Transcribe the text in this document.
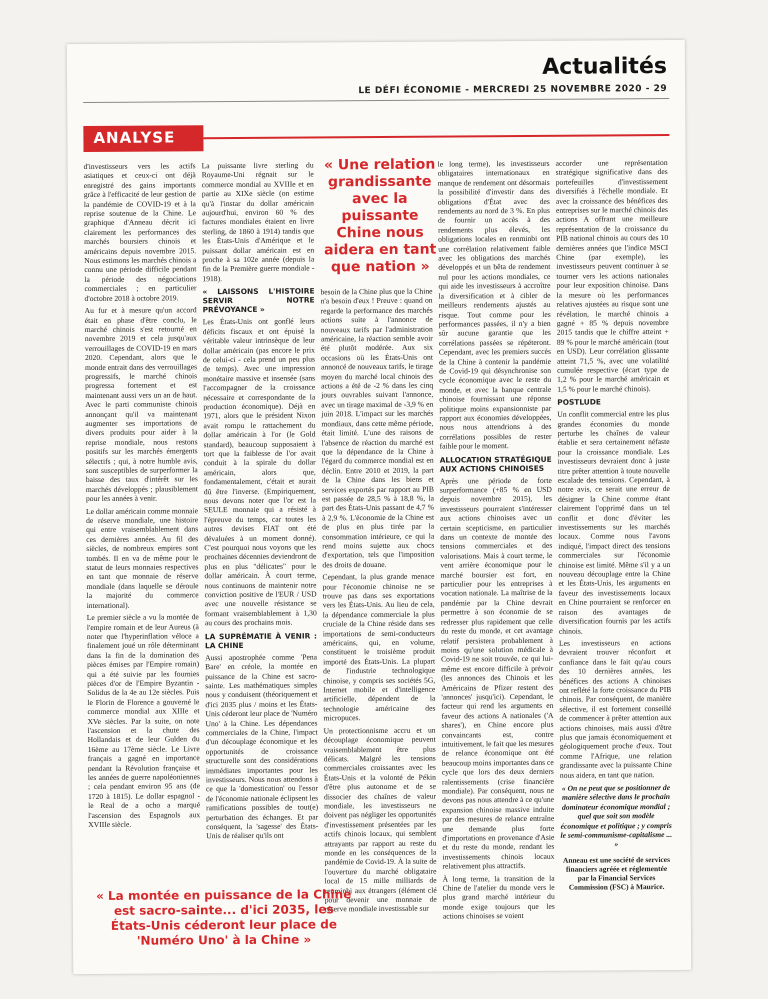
Actualités
LE DÉFI ÉCONOMIE - MERCREDI 25 NOVEMBRE 2020 - 29
ANALYSE

d'investisseurs vers les actifs asiatiques et ceux-ci ont déjà enregistré des gains importants grâce à l'efficacité de leur gestion de la pandémie de COVID-19 et à la reprise soutenue de la Chine. Le graphique d'Anneau décrit ici clairement les performances des marchés boursiers chinois et américains depuis novembre 2015. Nous estimons les marchés chinois a connu une période difficile pendant la période des négociations commerciales ; en particulier d'octobre 2018 à octobre 2019.

Au fur et à mesure qu'un accord était en phase d'être conclu, le marché chinois s'est retourné en novembre 2019 et cela jusqu'aux verrouillages de COVID-19 en mars 2020. Cependant, alors que le monde entrait dans des verrouillages progressifs, le marché chinois progressa fortement et est maintenant aussi vers un an de haut. Avec le parti communiste chinois annonçant qu'il va maintenant augmenter ses importations de divers produits pour aider à la reprise mondiale, nous restons positifs sur les marchés émergents sélectifs ; qui, à notre humble avis, sont susceptibles de surperformer la baisse des taux d'intérêt sur les marchés développés ; plausiblement pour les années à venir.

Le dollar américain comme monnaie de réserve mondiale, une histoire qui entre vraisemblablement dans ces dernières années. Au fil des siècles, de nombreux empires sont tombés. Il en va de même pour le statut de leurs monnaies respectives en tant que monnaie de réserve mondiale (dans laquelle se déroule la majorité du commerce international).

Le premier siècle a vu la montée de l'empire romain et de leur Aureus (à noter que l'hyperinflation véloce a finalement joué un rôle déterminant dans la fin de la domination des pièces émises par l'Empire romain) qui a été suivie par les fournies pièces d'or de l'Empire Byzantin - Solidus de la 4e au 12e siècles. Puis le Florin de Florence a gouverné le commerce mondial aux XIIIe et XVe siècles. Par la suite, on note l'ascension et la chute des Hollandais et de leur Gulden du 16ème au 17ème siècle. Le Livre français a gagné en importance pendant la Révolution française et les années de guerre napoléoniennes ; cela pendant environ 95 ans (de 1720 à 1815). Le dollar espagnol - le Real de a ocho a marqué l'ascension des Espagnols aux XVIIIe siècle.

La puissante livre sterling du Royaume-Uni régnait sur le commerce mondial au XVIIIe et en partie au XIXe siècle (on estime qu'à l'instar du dollar américain aujourd'hui, environ 60 % des factures mondiales étaient en livre sterling, de 1860 à 1914) tandis que les États-Unis d'Amérique et le puissant dollar américain est en proche à sa 102e année (depuis la fin de la Première guerre mondiale - 1918).

« LAISSONS L'HISTOIRE SERVIR NOTRE PRÉVOYANCE »

Les États-Unis ont gonflé leurs déficits fiscaux et ont épuisé la véritable valeur intrinsèque de leur dollar américain (pas encore le prix de celui-ci - cela prend un peu plus de temps). Avec une impression monétaire massive et insensée (sans l'accompagner de la croissance nécessaire et correspondante de la production économique). Déjà en 1971, alors que le président Nixon avait rompu le rattachement du dollar américain à l'or (le Gold standard), beaucoup supposaient à tort que la faiblesse de l'or avait conduit à la spirale du dollar américain, alors que, fondamentalement, c'était et aurait dû être l'inverse. (Empiriquement, nous devons noter que l'or est la SEULE monnaie qui a résisté à l'épreuve du temps, car toutes les autres devises FIAT ont été dévaluées à un moment donné). C'est pourquoi nous voyons que les prochaines décennies deviendront de plus en plus "délicates" pour le dollar américain. À court terme, nous continuons de maintenir notre conviction positive de l'EUR / USD avec une nouvelle résistance se formant vraisemblablement à 1,30 au cours des prochains mois.

LA SUPRÉMATIE À VENIR : LA CHINE

Aussi apostrophée comme 'Pena Bare' en créole, la montée en puissance de la Chine est sacro-sainte. Les mathématiques simples nous y conduisent (théoriquement et d'ici 2035 plus / moins et les États-Unis céderont leur place de 'Numéro Uno' à la Chine. Les dépendances commerciales de la Chine, l'impact d'un découplage économique et les opportunités de croissance structurelle sont des considérations immédiates importantes pour les investisseurs. Nous nous attendons à ce que la 'domestication' ou l'essor de l'économie nationale éclipsent les ramifications possibles de tout(e) perturbation des échanges. Et par conséquent, la 'sagesse' des États-Unis de réaliser qu'ils ont

« Une relation grandissante avec la puissante Chine nous aidera en tant que nation »

besoin de la Chine plus que la Chine n'a besoin d'eux ! Preuve : quand on regarde la performance des marchés actions suite à l'annonce de nouveaux tarifs par l'administration américaine, la réaction semble avoir été plutôt modérée. Aux six occasions où les États-Unis ont annoncé de nouveaux tarifs, le tirage moyen du marché local chinois des actions a été de -2 % dans les cinq jours ouvrables suivant l'annonce, avec un tirage maximal de -3,9 % en juin 2018. L'impact sur les marchés mondiaux, dans cette même période, était limité. L'une des raisons de l'absence de réaction du marché est que la dépendance de la Chine à l'égard du commerce mondial est en déclin. Entre 2010 et 2019, la part de la Chine dans les biens et services exportés par rapport au PIB est passée de 28,5 % à 18,8 %, la part des États-Unis passant de 4,7 % à 2,9 %. L'économie de la Chine est de plus en plus tirée par la consommation intérieure, ce qui la rend moins sujette aux chocs d'exportation, tels que l'imposition des droits de douane.

Cependant, la plus grande menace pour l'économie chinoise ne se trouve pas dans ses exportations vers les États-Unis. Au lieu de cela, la dépendance commerciale la plus cruciale de la Chine réside dans ses importations de semi-conducteurs américains, qui, en volume, constituent le troisième produit importé des États-Unis. La plupart de l'industrie technologique chinoise, y compris ses sociétés 5G, Internet mobile et d'intelligence artificielle, dépendent de la technologie américaine des micropuces.

Un protectionnisme accru et un découplage économique peuvent vraisemblablement être plus délicats. Malgré les tensions commerciales croissantes avec les États-Unis et la volonté de Pékin d'être plus autonome et de se dissocier des chaînes de valeur mondiale, les investisseurs ne doivent pas négliger les opportunités d'investissement présentées par les actifs chinois locaux, qui semblent attrayants par rapport au reste du monde en les conséquences de la pandémie de Covid-19. À la suite de l'ouverture du marché obligataire local de 15 mille milliards de renminbi aux étrangers (élément clé pour devenir une monnaie de réserve mondiale investissable sur

le long terme), les investisseurs obligataires internationaux en manque de rendement ont désormais la possibilité d'investir dans des obligations d'État avec des rendements au nord de 3 %. En plus de fournir un accès à des rendements plus élevés, les obligations locales en renminbi ont une corrélation relativement faible avec les obligations des marchés développés et un bêta de rendement nul pour les actions mondiales, ce qui aide les investisseurs à accroître la diversification et à cibler de meilleurs rendements ajustés au risque. Tout comme pour les performances passées, il n'y a bien sûr aucune garantie que les corrélations passées se répéteront. Cependant, avec les premiers succès de la Chine à contenir la pandémie de Covid-19 qui désynchronise son cycle économique avec le reste du monde, et avec la banque centrale chinoise fournissant une réponse politique moins expansionniste par rapport aux économies développées, nous nous attendrions à des corrélations possibles de rester faible pour le moment.

ALLOCATION STRATÉGIQUE AUX ACTIONS CHINOISES

Après une période de forte surperformance (+85 % en USD depuis novembre 2015), les investisseurs pourraient s'intéresser aux actions chinoises avec un certain scepticisme, en particulier dans un contexte de montée des tensions commerciales et des valorisations. Mais à court terme, le vent arrière économique pour le marché boursier est fort, en particulier pour les entreprises à vocation nationale. La maîtrise de la pandémie par la Chine devrait permettre à son économie de se redresser plus rapidement que celle du reste du monde, et cet avantage relatif persistera probablement à moins qu'une solution médicale à Covid-19 ne soit trouvée, ce qui lui-même est encore difficile à prévoir (les annonces des Chinois et les Américains de Pfizer restent des 'annonces' jusqu'ici). Cependant, le facteur qui rend les arguments en faveur des actions A nationales ('A shares'), en Chine encore plus convaincants est, contre intuitivement, le fait que les mesures de relance économique ont été beaucoup moins importantes dans ce cycle que lors des deux derniers ralentissements (crise financière mondiale). Par conséquent, nous ne devons pas nous attendre à ce qu'une expansion chinoise massive induite par des mesures de relance entraîne une demande plus forte d'importations en provenance d'Asie et du reste du monde, rendant les investissements chinois locaux relativement plus attractifs.

À long terme, la transition de la Chine de l'atelier du monde vers le plus grand marché intérieur du monde exige toujours que les actions chinoises se voient

accorder une représentation stratégique significative dans des portefeuilles d'investissement diversifiés à l'échelle mondiale. Et avec la croissance des bénéfices des entreprises sur le marché chinois des actions A offrant une meilleure représentation de la croissance du PIB national chinois au cours des 10 dernières années que l'indice MSCI Chine (par exemple), les investisseurs peuvent continuer à se tourner vers les actions nationales pour leur exposition chinoise. Dans la mesure où les performances relatives ajustées au risque sont une révélation, le marché chinois a gagné + 85 % depuis novembre 2015 tandis que le chiffre atteint + 89 % pour le marché américain (tout en USD). Leur corrélation glissante atteint 71,5 %, avec une volatilité cumulée respective (écart type de 1,2 % pour le marché américain et 1,5 % pour le marché chinois).

POSTLUDE

Un conflit commercial entre les plus grandes économies du monde perturbe les chaînes de valeur établie et sera certainement néfaste pour la croissance mondiale. Les investisseurs devraient donc à juste titre prêter attention à toute nouvelle escalade des tensions. Cependant, à notre avis, ce serait une erreur de désigner la Chine comme étant clairement l'opprimé dans un tel conflit et donc d'éviter les investissements sur les marchés locaux. Comme nous l'avons indiqué, l'impact direct des tensions commerciales sur l'économie chinoise est limité. Même s'il y a un nouveau découplage entre la Chine et les États-Unis, les arguments en faveur des investissements locaux en Chine pourraient se renforcer en raison des avantages de diversification fournis par les actifs chinois.

Les investisseurs en actions devraient trouver réconfort et confiance dans le fait qu'au cours des 10 dernières années, les bénéfices des actions A chinoises ont reflété la forte croissance du PIB chinois. Par conséquent, de manière sélective, il est fortement conseillé de commencer à prêter attention aux actions chinoises, mais aussi d'être plus que jamais économiquement et géologiquement proche d'eux. Tout comme l'Afrique, une relation grandissante avec la puissante Chine nous aidera, en tant que nation.

« On ne peut que se positionner de manière sélective dans le prochain dominateur économique mondial ; quel que soit son modèle économique et politique ; y compris le semi-communisme-capitalisme ... »
Anneau est une société de services financiers agréée et réglementée par la Financial Services Commission (FSC) à Maurice.
« La montée en puissance de la Chine est sacro-sainte... d'ici 2035, les États-Unis céderont leur place de 'Numéro Uno' à la Chine »
